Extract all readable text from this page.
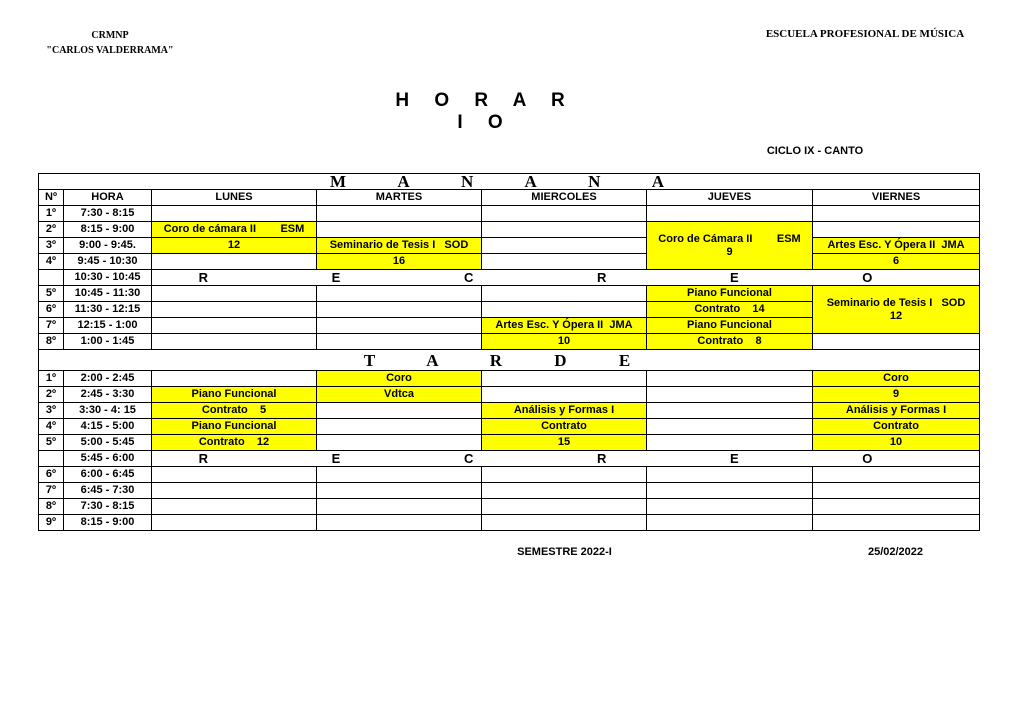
CRMNP
"CARLOS VALDERRAMA"
ESCUELA PROFESIONAL DE MÚSICA
H O R A R I O
CICLO IX - CANTO
M A N A N A						
Nº	HORA	LUNES	MARTES	MIERCOLES	JUEVES	VIERNES
1º	7:30 - 8:15					
2º	8:15 - 9:00	Coro de cámara II        ESM			Coro de Cámara II        ESM
9	

3º	9:00 - 9:45.	12	Seminario de Tesis I   SOD			Artes Esc. Y Ópera II  JMA
4º	9:45 - 10:30		16			6
	10:30 - 10:45	R E C R E O				
5º	10:45 - 11:30				Piano Funcional	Seminario de Tesis I   SOD
12

6º	11:30 - 12:15				Contrato    14	
7º	12:15 - 1:00			Artes Esc. Y Ópera II  JMA	Piano Funcional	
8º	1:00 - 1:45			10	Contrato    8	
T A R D E						
1º	2:00 - 2:45		Coro			Coro
2º	2:45 - 3:30	Piano Funcional	Vdtca			9
3º	3:30 - 4: 15	Contrato    5		Análisis y Formas I		Análisis y Formas I
4º	4:15 - 5:00	Piano Funcional		Contrato		Contrato
5º	5:00 - 5:45	Contrato    12		15		10
	5:45 - 6:00	R E C R E O				
6º	6:00 - 6:45					
7º	6:45 - 7:30					
8º	7:30 - 8:15					
9º	8:15 - 9:00					
SEMESTRE 2022-I	25/02/2022
